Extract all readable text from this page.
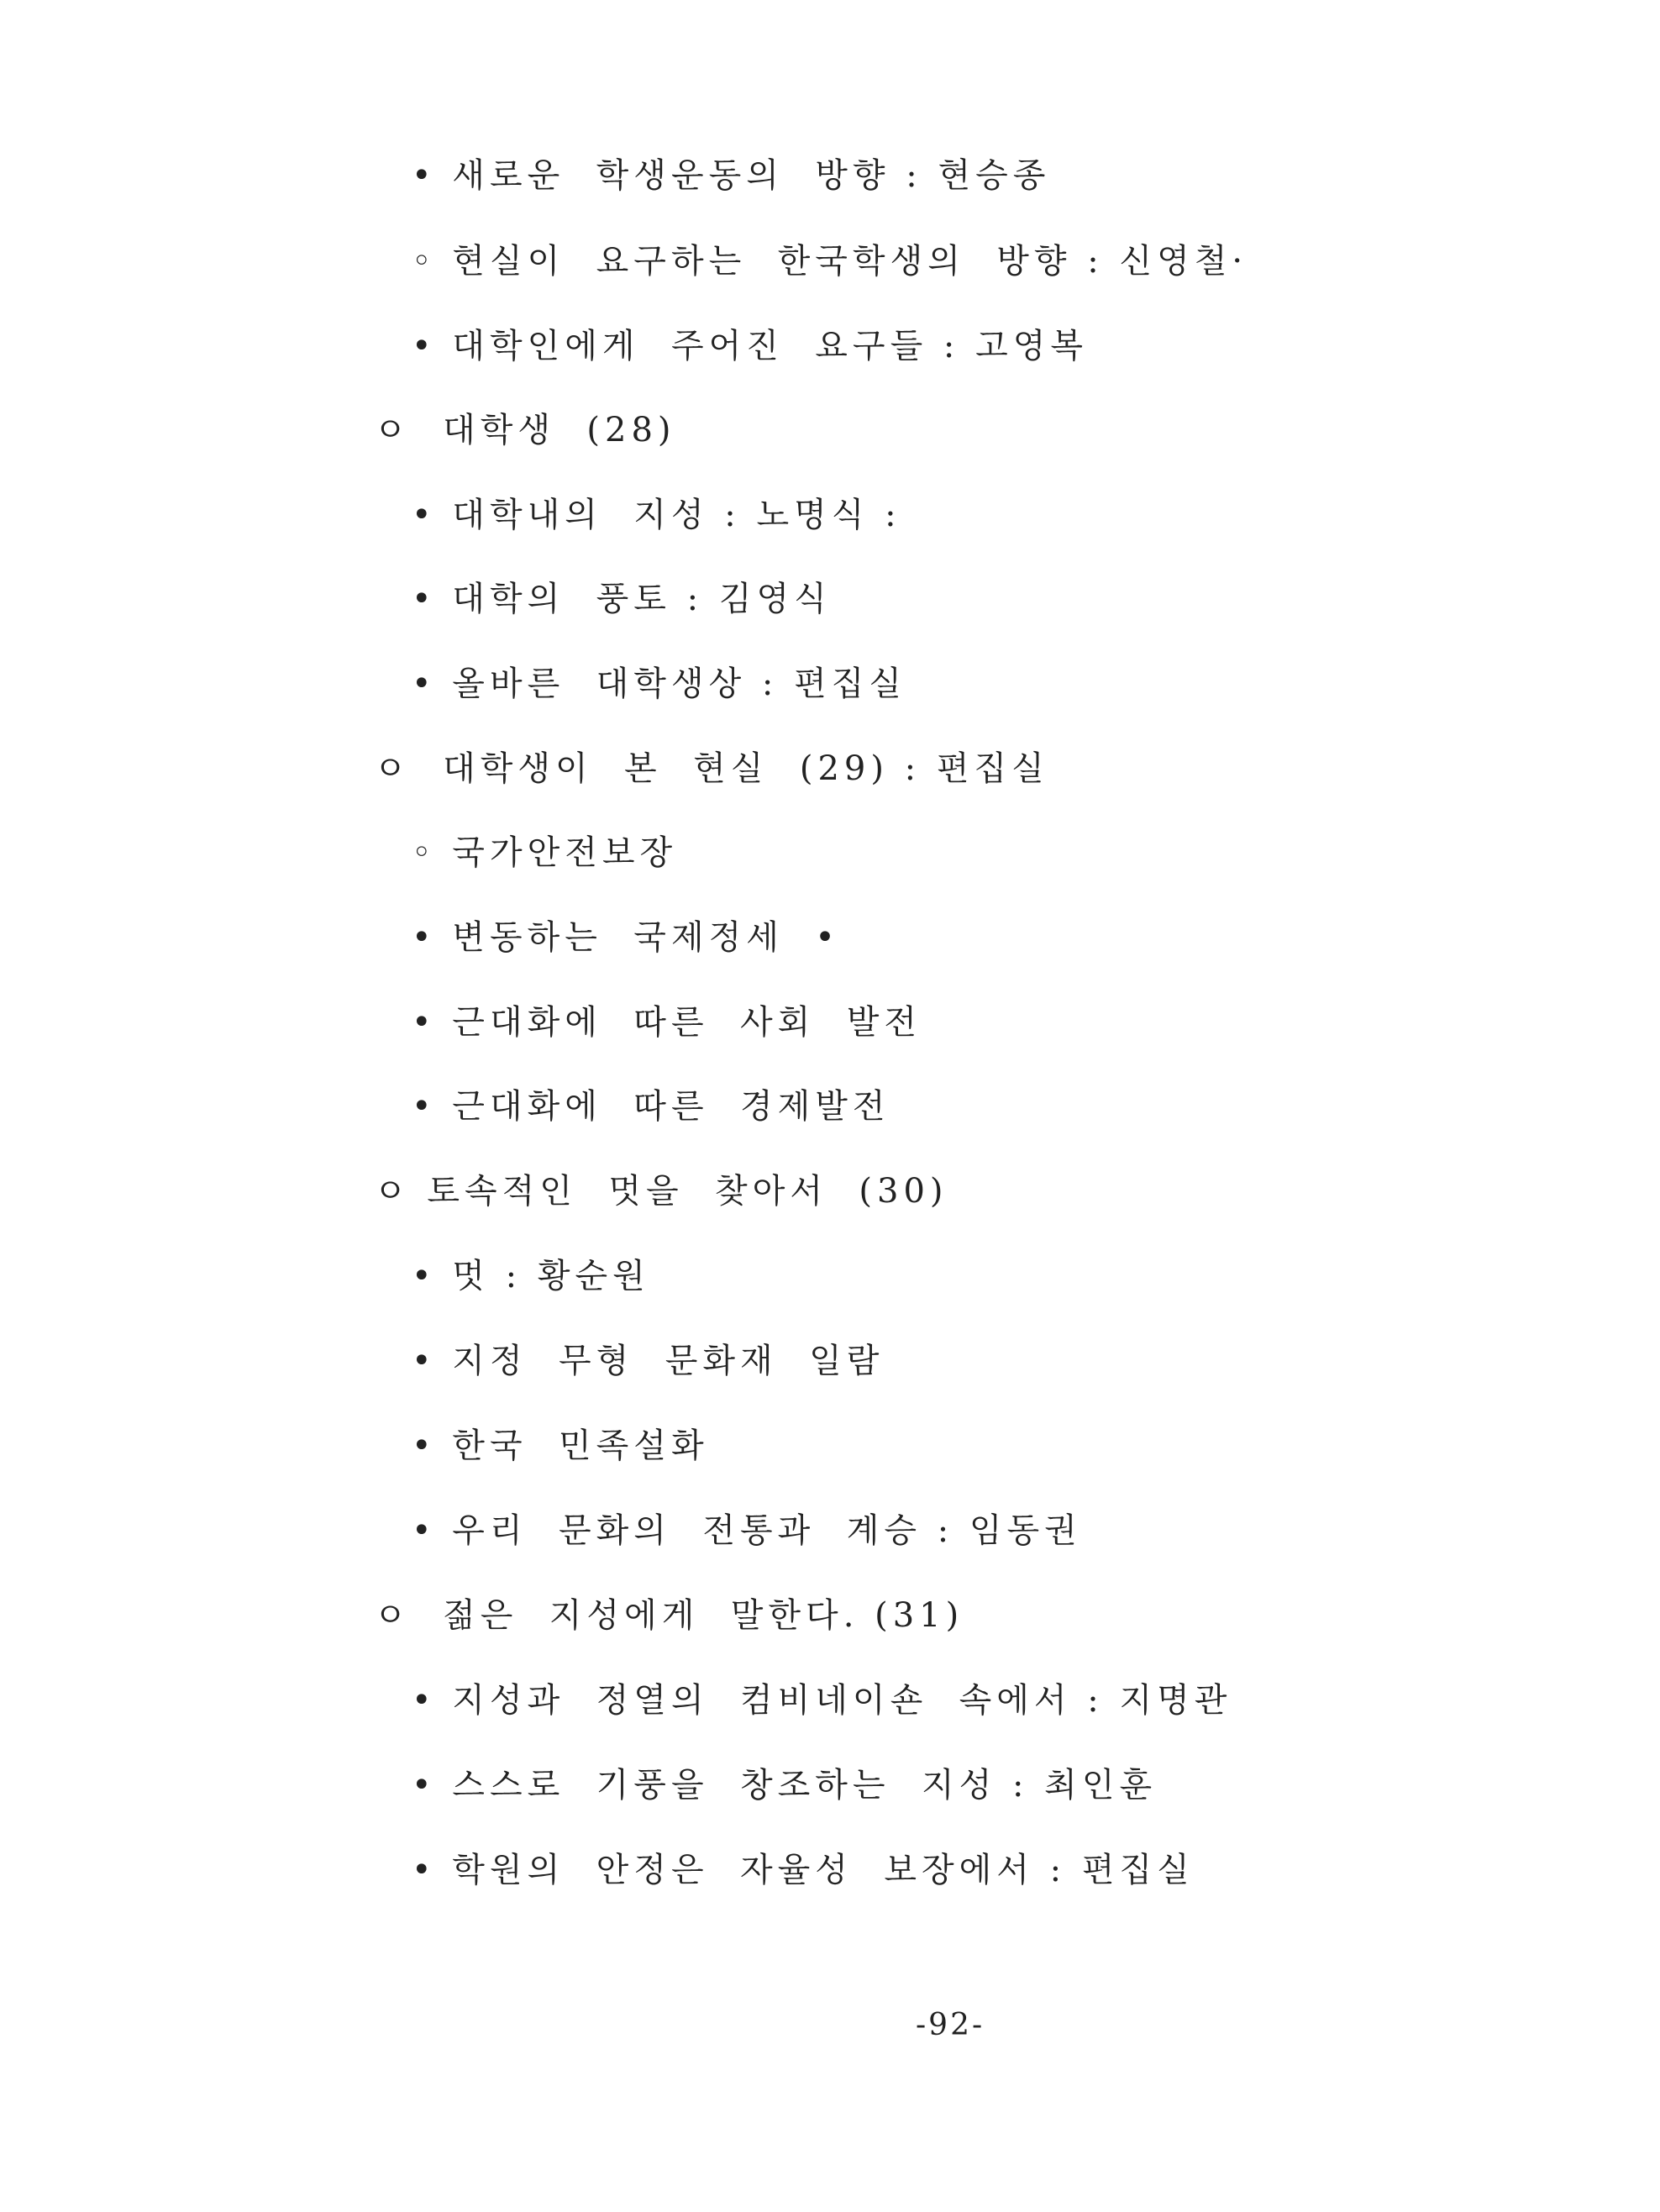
• 새로운  학생운동의  방향 : 현승종
◦ 현실이  요구하는  한국학생의  방향 : 신영철·
• 대학인에게  주어진  요구들 : 고영복
ㅇ  대학생  (28)
• 대학내의  지성 : 노명식 :
• 대학의  풍토 : 김영식
• 올바른  대학생상 : 편집실
ㅇ  대학생이  본  현실  (29) : 편집실
◦ 국가안전보장
• 변동하는  국제정세  •
• 근대화에  따른  사회  발전
• 근대화에  따른  경제발전
ㅇ 토속적인  멋을  찾아서  (30)
• 멋 : 황순원
• 지정  무형  문화재  일람
• 한국  민족설화
• 우리  문화의  전통과  계승 : 임동권
ㅇ  젊은  지성에게  말한다. (31)
• 지성과  정열의  컴비네이숀  속에서 : 지명관
• 스스로  기풍을  창조하는  지성 : 최인훈
• 학원의  안정은  자율성  보장에서 : 편집실
-92-
